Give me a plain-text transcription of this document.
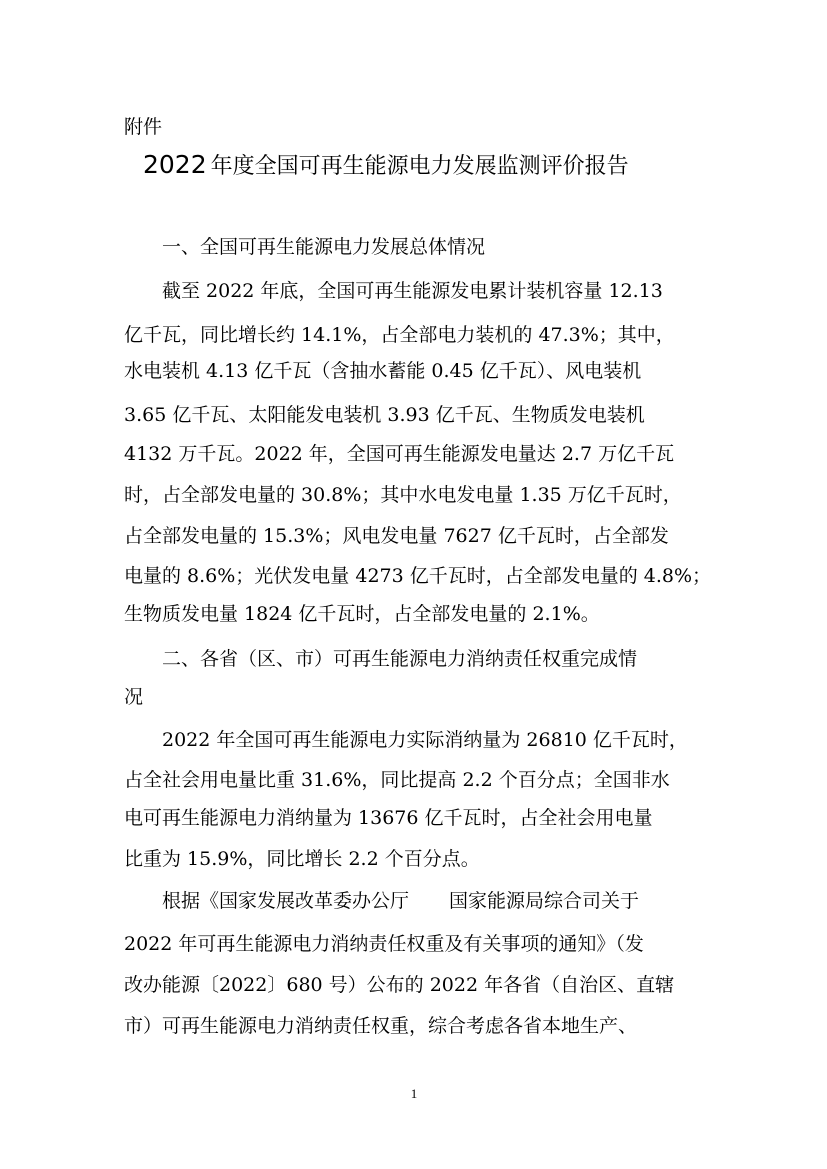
附件
2022 年度全国可再生能源电力发展监测评价报告
一、全国可再生能源电力发展总体情况
截至 2022 年底，全国可再生能源发电累计装机容量 12.13
亿千瓦，同比增长约 14.1%，占全部电力装机的 47.3%；其中，
水电装机 4.13 亿千瓦（含抽水蓄能 0.45 亿千瓦）、风电装机
3.65 亿千瓦、太阳能发电装机 3.93 亿千瓦、生物质发电装机
4132 万千瓦。2022 年，全国可再生能源发电量达 2.7 万亿千瓦
时，占全部发电量的 30.8%；其中水电发电量 1.35 万亿千瓦时，
占全部发电量的 15.3%；风电发电量 7627 亿千瓦时，占全部发
电量的 8.6%；光伏发电量 4273 亿千瓦时，占全部发电量的 4.8%；
生物质发电量 1824 亿千瓦时，占全部发电量的 2.1%。
二、各省（区、市）可再生能源电力消纳责任权重完成情
况
2022 年全国可再生能源电力实际消纳量为 26810 亿千瓦时，
占全社会用电量比重 31.6%，同比提高 2.2 个百分点；全国非水
电可再生能源电力消纳量为 13676 亿千瓦时，占全社会用电量
比重为 15.9%，同比增长 2.2 个百分点。
根据《国家发展改革委办公厅 国家能源局综合司关于
2022 年可再生能源电力消纳责任权重及有关事项的通知》（发
改办能源〔2022〕680 号）公布的 2022 年各省（自治区、直辖
市）可再生能源电力消纳责任权重，综合考虑各省本地生产、
1
